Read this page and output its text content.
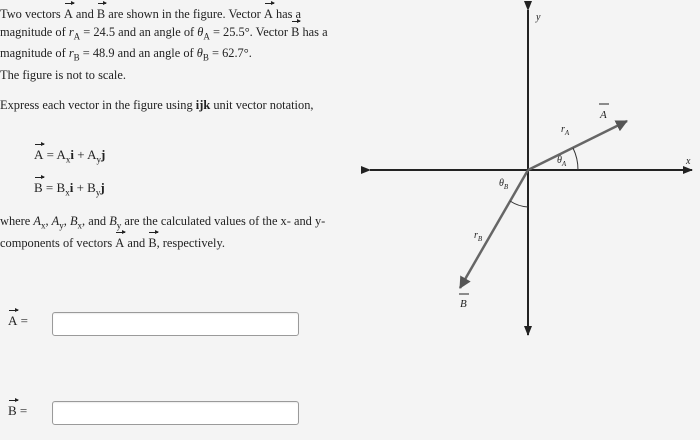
Two vectors A and B are shown in the figure. Vector A has a magnitude of $r_A = 24.5$ and an angle of $\theta_A = 25.5^\circ$. Vector B has a magnitude of $r_B = 48.9$ and an angle of $\theta_B = 62.7^\circ$.
The figure is not to scale.

Express each vector in the figure using ijk unit vector notation,

$A = A_xi + A_yj$
$B = B_xi + B_yj$

where $A_x$, $A_y$, $B_x$, and $B_y$ are the calculated values of the x- and y-components of vectors A and B, respectively.

A =
B =
x
y
A
$r_A$
$\theta_A$
B
$r_B$
$\theta_B$
